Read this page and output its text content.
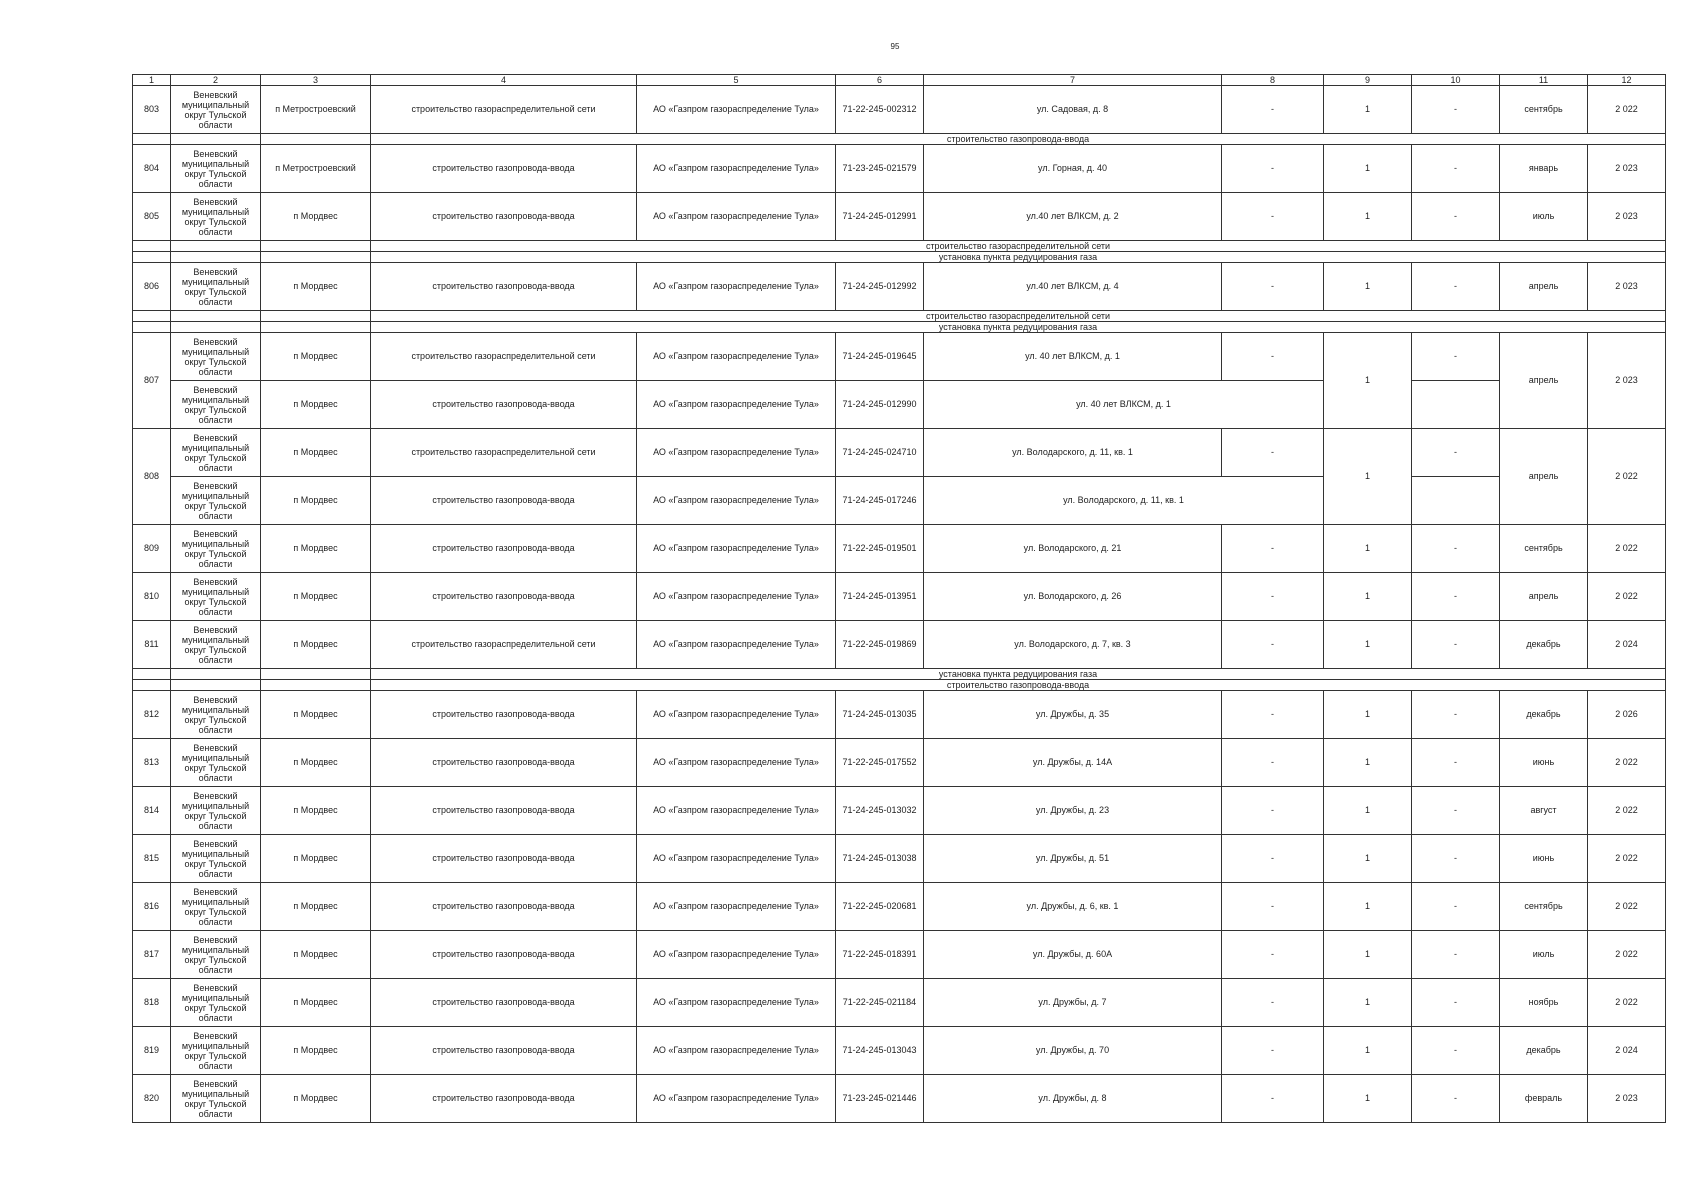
95
1	2	3	4	5	6	7	8	9	10	11	12
803	Веневский муниципальный округ Тульской области	п Метростроевский	строительство газораспределительной сети	АО «Газпром газораспределение Тула»	71-22-245-002312	ул. Садовая, д. 8	-	1	-	сентябрь	2 022
			строительство газопровода-ввода								
804	Веневский муниципальный округ Тульской области	п Метростроевский	строительство газопровода-ввода	АО «Газпром газораспределение Тула»	71-23-245-021579	ул. Горная, д. 40	-	1	-	январь	2 023
805	Веневский муниципальный округ Тульской области	п Мордвес	строительство газопровода-ввода	АО «Газпром газораспределение Тула»	71-24-245-012991	ул.40 лет ВЛКСМ, д. 2	-	1	-	июль	2 023
			строительство газораспределительной сети								
			установка пункта редуцирования газа								
806	Веневский муниципальный округ Тульской области	п Мордвес	строительство газопровода-ввода	АО «Газпром газораспределение Тула»	71-24-245-012992	ул.40 лет ВЛКСМ, д. 4	-	1	-	апрель	2 023
			строительство газораспределительной сети								
			установка пункта редуцирования газа								
807	Веневский муниципальный округ Тульской области	п Мордвес	строительство газораспределительной сети	АО «Газпром газораспределение Тула»	71-24-245-019645	ул. 40 лет ВЛКСМ, д. 1	-	1	-	апрель	2 023
	Веневский муниципальный округ Тульской области	п Мордвес	строительство газопровода-ввода	АО «Газпром газораспределение Тула»	71-24-245-012990	ул. 40 лет ВЛКСМ, д. 1					
808	Веневский муниципальный округ Тульской области	п Мордвес	строительство газораспределительной сети	АО «Газпром газораспределение Тула»	71-24-245-024710	ул. Володарского, д. 11, кв. 1	-	1	-	апрель	2 022
	Веневский муниципальный округ Тульской области	п Мордвес	строительство газопровода-ввода	АО «Газпром газораспределение Тула»	71-24-245-017246	ул. Володарского, д. 11, кв. 1					
809	Веневский муниципальный округ Тульской области	п Мордвес	строительство газопровода-ввода	АО «Газпром газораспределение Тула»	71-22-245-019501	ул. Володарского, д. 21	-	1	-	сентябрь	2 022
810	Веневский муниципальный округ Тульской области	п Мордвес	строительство газопровода-ввода	АО «Газпром газораспределение Тула»	71-24-245-013951	ул. Володарского, д. 26	-	1	-	апрель	2 022
811	Веневский муниципальный округ Тульской области	п Мордвес	строительство газораспределительной сети	АО «Газпром газораспределение Тула»	71-22-245-019869	ул. Володарского, д. 7, кв. 3	-	1	-	декабрь	2 024
			установка пункта редуцирования газа								
			строительство газопровода-ввода								
812	Веневский муниципальный округ Тульской области	п Мордвес	строительство газопровода-ввода	АО «Газпром газораспределение Тула»	71-24-245-013035	ул. Дружбы, д. 35	-	1	-	декабрь	2 026
813	Веневский муниципальный округ Тульской области	п Мордвес	строительство газопровода-ввода	АО «Газпром газораспределение Тула»	71-22-245-017552	ул. Дружбы, д. 14А	-	1	-	июнь	2 022
814	Веневский муниципальный округ Тульской области	п Мордвес	строительство газопровода-ввода	АО «Газпром газораспределение Тула»	71-24-245-013032	ул. Дружбы, д. 23	-	1	-	август	2 022
815	Веневский муниципальный округ Тульской области	п Мордвес	строительство газопровода-ввода	АО «Газпром газораспределение Тула»	71-24-245-013038	ул. Дружбы, д. 51	-	1	-	июнь	2 022
816	Веневский муниципальный округ Тульской области	п Мордвес	строительство газопровода-ввода	АО «Газпром газораспределение Тула»	71-22-245-020681	ул. Дружбы, д. 6, кв. 1	-	1	-	сентябрь	2 022
817	Веневский муниципальный округ Тульской области	п Мордвес	строительство газопровода-ввода	АО «Газпром газораспределение Тула»	71-22-245-018391	ул. Дружбы, д. 60А	-	1	-	июль	2 022
818	Веневский муниципальный округ Тульской области	п Мордвес	строительство газопровода-ввода	АО «Газпром газораспределение Тула»	71-22-245-021184	ул. Дружбы, д. 7	-	1	-	ноябрь	2 022
819	Веневский муниципальный округ Тульской области	п Мордвес	строительство газопровода-ввода	АО «Газпром газораспределение Тула»	71-24-245-013043	ул. Дружбы, д. 70	-	1	-	декабрь	2 024
820	Веневский муниципальный округ Тульской области	п Мордвес	строительство газопровода-ввода	АО «Газпром газораспределение Тула»	71-23-245-021446	ул. Дружбы, д. 8	-	1	-	февраль	2 023
